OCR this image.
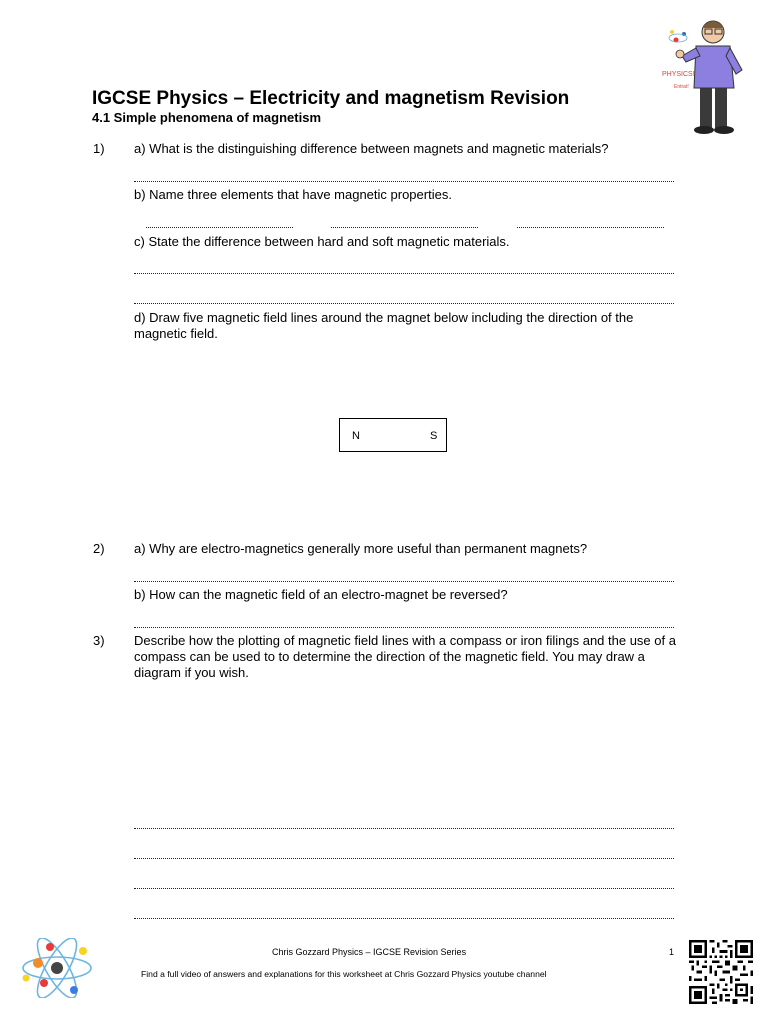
IGCSE Physics – Electricity and magnetism Revision
4.1 Simple phenomena of magnetism
PHYSICS!
Entrat!
1) a) What is the distinguishing difference between magnets and magnetic materials?
b) Name three elements that have magnetic properties.
c) State the difference between hard and soft magnetic materials.
d) Draw five magnetic field lines around the magnet below including the direction of the magnetic field.
N	S
2) a) Why are electro-magnetics generally more useful than permanent magnets?
b) How can the magnetic field of an electro-magnet be reversed?
3) Describe how the plotting of magnetic field lines with a compass or iron filings and the use of a compass can be used to to determine the direction of the magnetic field. You may draw a diagram if you wish.
Chris Gozzard Physics – IGCSE Revision Series	1
Find a full video of answers and explanations for this worksheet at Chris Gozzard Physics youtube channel
